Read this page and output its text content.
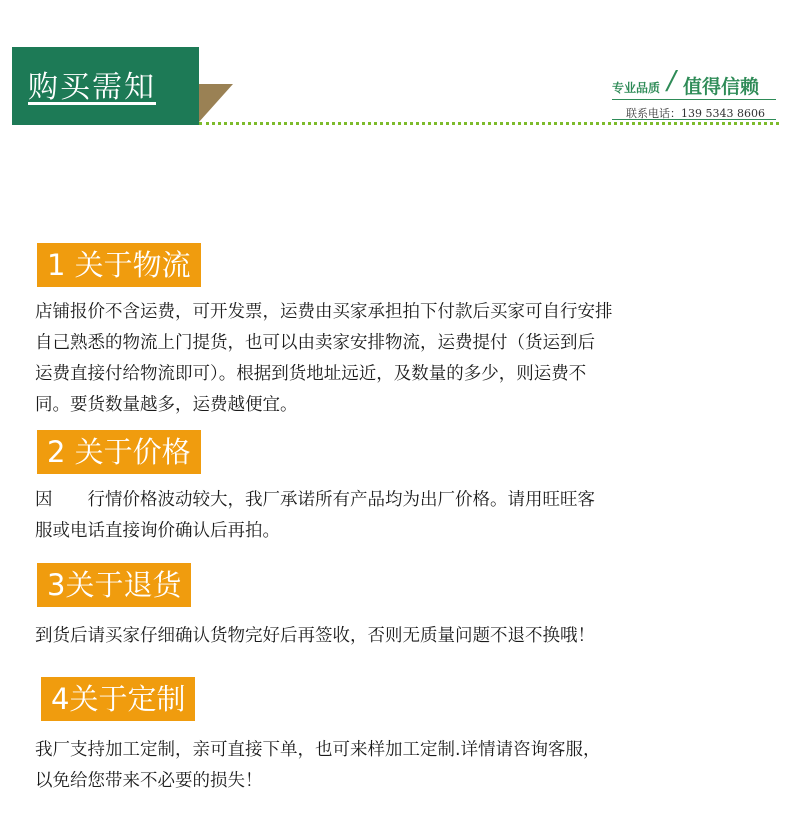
购买需知	专业品质 / 值得信赖
联系电话：139 5343 8606
1 关于物流
店铺报价不含运费，可开发票，运费由买家承担拍下付款后买家可自行安排
自己熟悉的物流上门提货，也可以由卖家安排物流，运费提付（货运到后
运费直接付给物流即可）。根据到货地址远近，及数量的多少，则运费不
同。要货数量越多，运费越便宜。
2 关于价格
因　　行情价格波动较大，我厂承诺所有产品均为出厂价格。请用旺旺客
服或电话直接询价确认后再拍。
3关于退货
到货后请买家仔细确认货物完好后再签收，否则无质量问题不退不换哦！
4关于定制
我厂支持加工定制，亲可直接下单，也可来样加工定制.详情请咨询客服，
以免给您带来不必要的损失！
